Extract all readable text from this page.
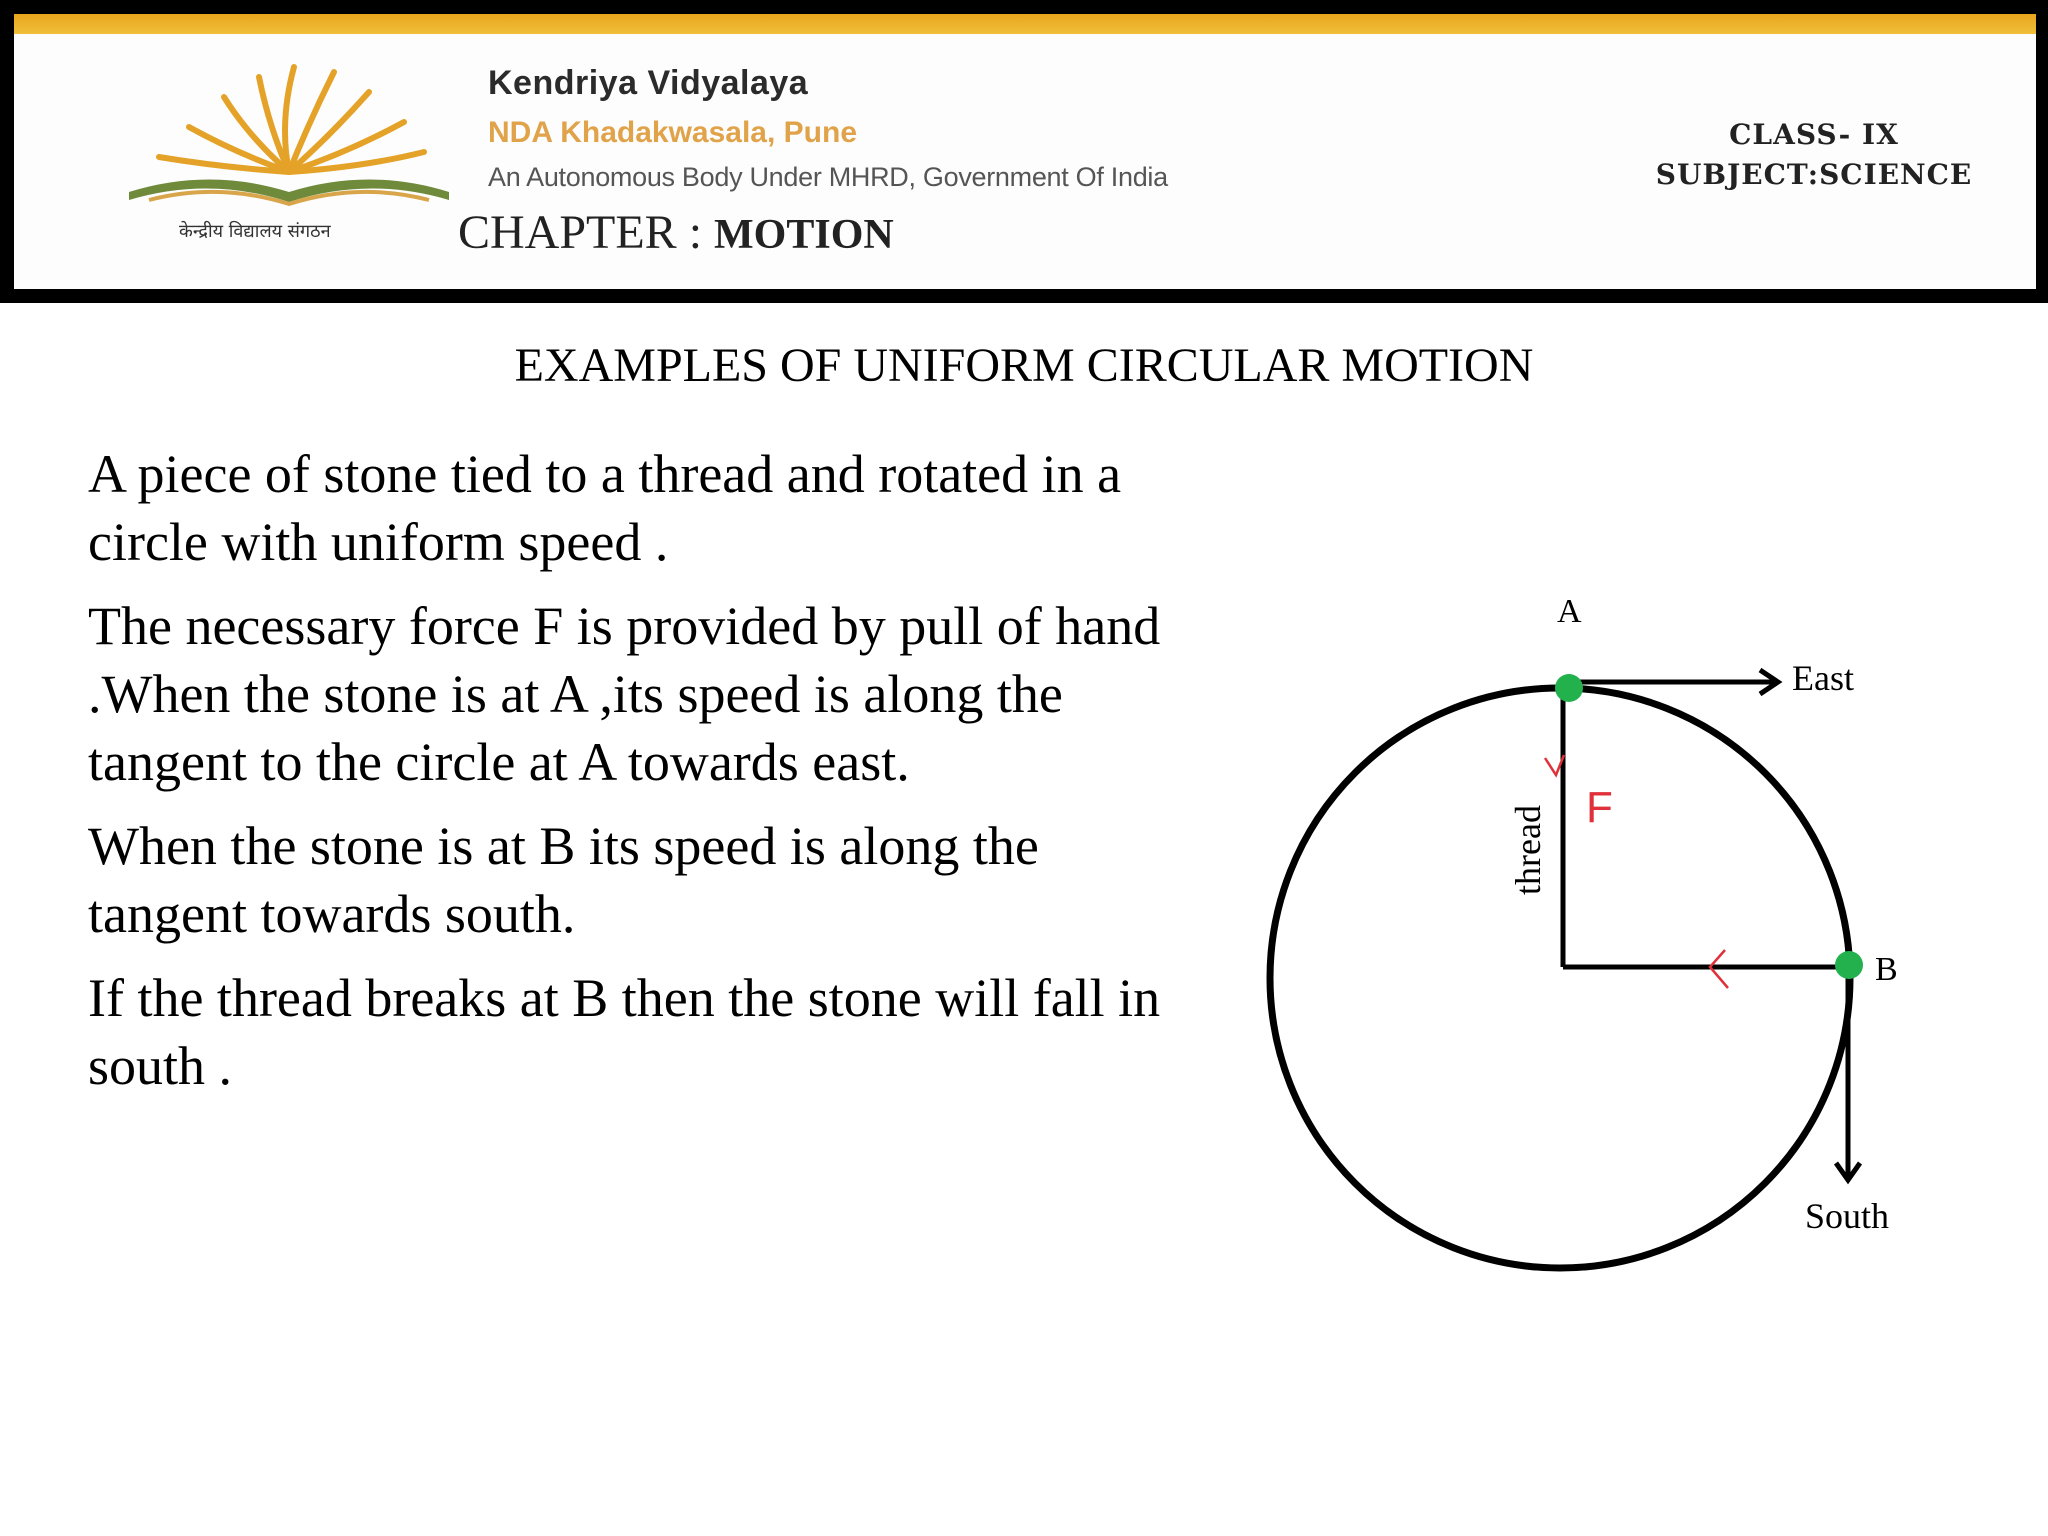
केन्द्रीय विद्यालय संगठन
Kendriya Vidyalaya
NDA Khadakwasala, Pune
An Autonomous Body Under MHRD, Government Of India
CHAPTER : MOTION
CLASS- IX
SUBJECT:SCIENCE
EXAMPLES OF UNIFORM CIRCULAR MOTION

A piece of stone tied to a thread and rotated in a circle with uniform speed .

The necessary force F is provided by pull of hand .When the stone is at A ,its speed is along the tangent to the circle at A towards east.

When the stone is at B its speed is along the tangent towards south.

If the thread breaks at B then the stone will fall in south .

F
A
B
East
South
thread
